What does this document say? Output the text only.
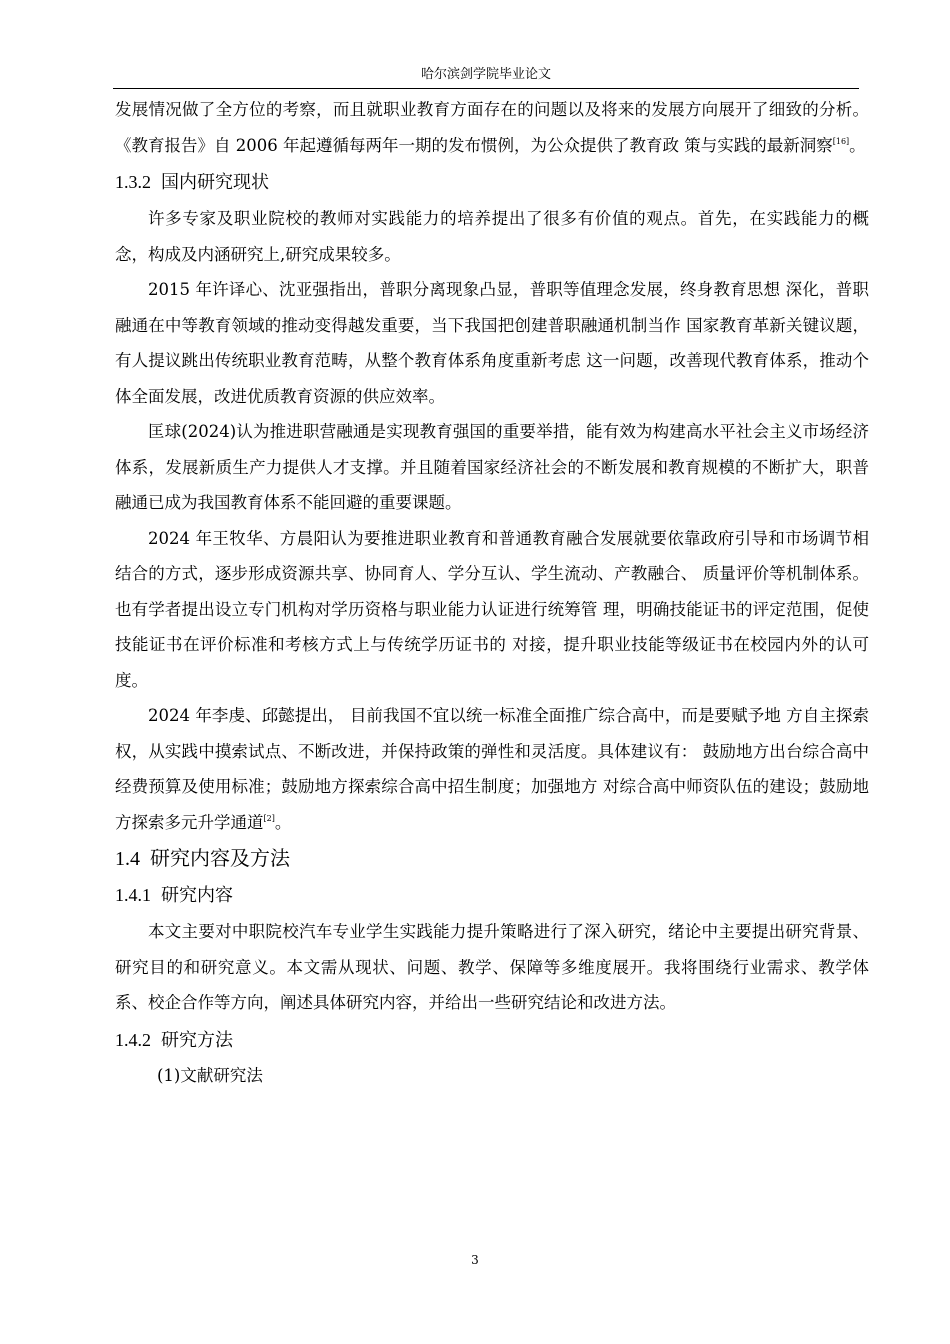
哈尔滨剑学院毕业论文

发展情况做了全方位的考察，而且就职业教育方面存在的问题以及将来的发展方向展开了细致的分析。《教育报告》自 2006 年起遵循每两年一期的发布惯例，为公众提供了教育政 策与实践的最新洞察[16]。

1.3.2 国内研究现状

许多专家及职业院校的教师对实践能力的培养提出了很多有价值的观点。首先，在实践能力的概念，构成及内涵研究上,研究成果较多。

2015 年许译心、沈亚强指出，普职分离现象凸显，普职等值理念发展，终身教育思想 深化，普职融通在中等教育领域的推动变得越发重要，当下我国把创建普职融通机制当作 国家教育革新关键议题，有人提议跳出传统职业教育范畴，从整个教育体系角度重新考虑 这一问题，改善现代教育体系，推动个体全面发展，改进优质教育资源的供应效率。

匡球(2024)认为推进职营融通是实现教育强国的重要举措，能有效为构建高水平社会主义市场经济体系，发展新质生产力提供人才支撑。并且随着国家经济社会的不断发展和教育规模的不断扩大，职普融通已成为我国教育体系不能回避的重要课题。

2024 年王牧华、方晨阳认为要推进职业教育和普通教育融合发展就要依靠政府引导和市场调节相结合的方式，逐步形成资源共享、协同育人、学分互认、学生流动、产教融合、 质量评价等机制体系。也有学者提出设立专门机构对学历资格与职业能力认证进行统筹管 理，明确技能证书的评定范围，促使技能证书在评价标准和考核方式上与传统学历证书的 对接，提升职业技能等级证书在校园内外的认可度。

2024 年李虔、邱懿提出， 目前我国不宜以统一标准全面推广综合高中，而是要赋予地 方自主探索权，从实践中摸索试点、不断改进，并保持政策的弹性和灵活度。具体建议有： 鼓励地方出台综合高中经费预算及使用标准；鼓励地方探索综合高中招生制度；加强地方 对综合高中师资队伍的建设；鼓励地方探索多元升学通道[2]。

1.4 研究内容及方法
1.4.1 研究内容

本文主要对中职院校汽车专业学生实践能力提升策略进行了深入研究，绪论中主要提出研究背景、研究目的和研究意义。本文需从现状、问题、教学、保障等多维度展开。我将围绕行业需求、教学体系、校企合作等方向，阐述具体研究内容，并给出一些研究结论和改进方法。

1.4.2 研究方法
(1)文献研究法
3
